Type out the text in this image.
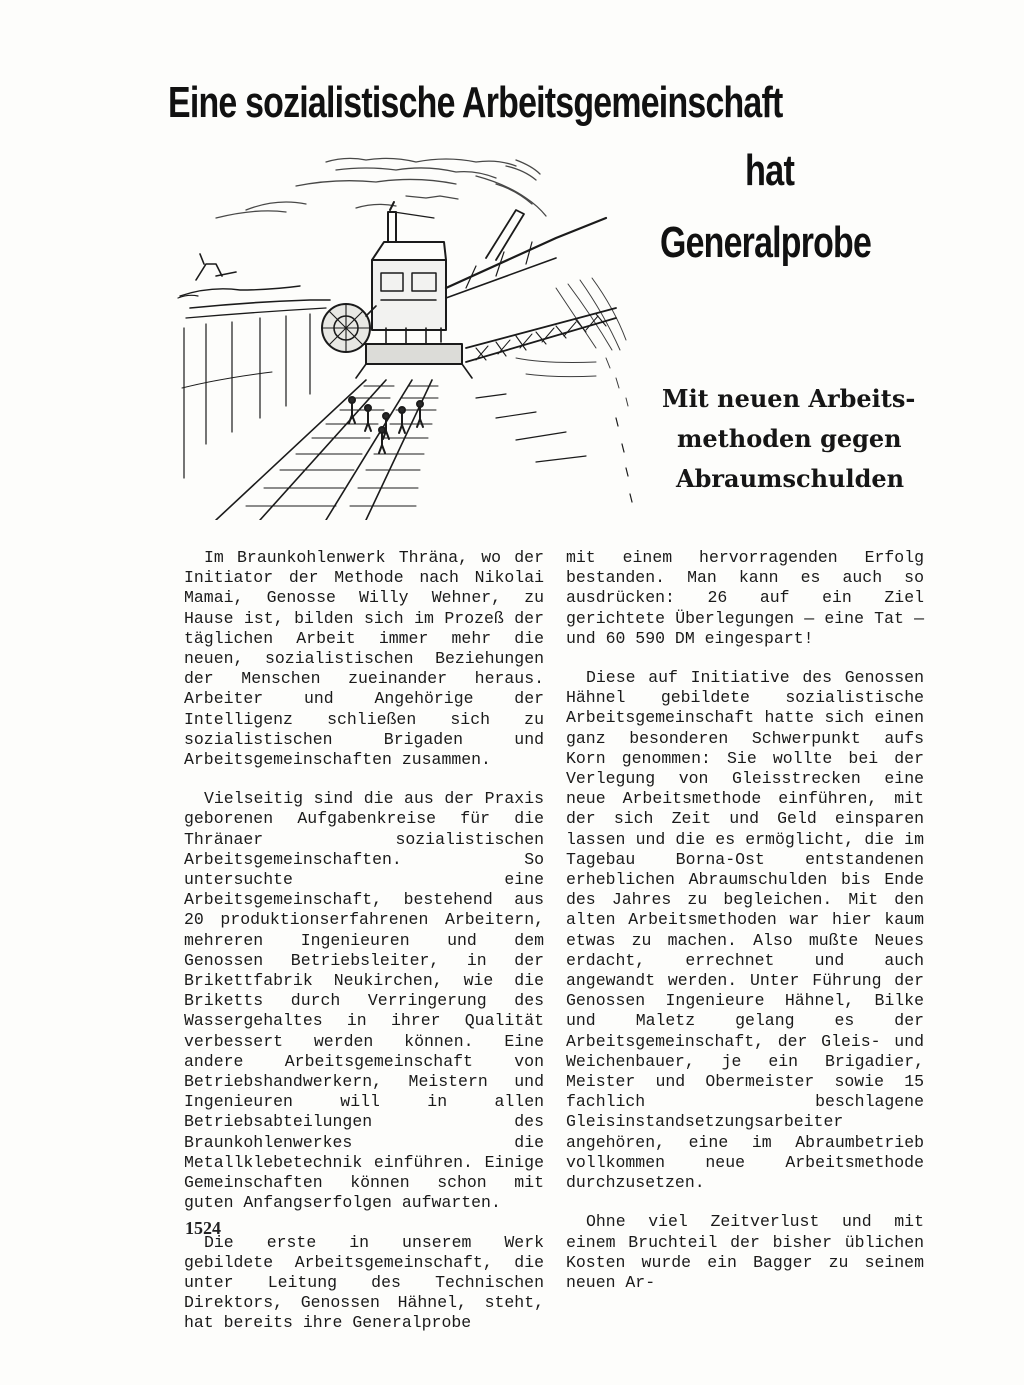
Eine sozialistische Arbeitsgemeinschaft
hat
Generalprobe
Mit neuen Arbeits-
methoden gegen
Abraumschulden

Im Braunkohlenwerk Thräna, wo der Initiator der Methode nach Nikolai Mamai, Genosse Willy Wehner, zu Hause ist, bilden sich im Prozeß der täglichen Arbeit immer mehr die neuen, sozialistischen Beziehungen der Menschen zueinander heraus. Arbeiter und Angehörige der Intelligenz schließen sich zu sozialistischen Brigaden und Arbeitsgemeinschaften zusammen.

Vielseitig sind die aus der Praxis geborenen Aufgabenkreise für die Thränaer sozialistischen Arbeitsgemeinschaften. So untersuchte eine Arbeitsgemeinschaft, bestehend aus 20 produktionserfahrenen Arbeitern, mehreren Ingenieuren und dem Genossen Betriebsleiter, in der Brikettfabrik Neukirchen, wie die Briketts durch Verringerung des Wassergehaltes in ihrer Qualität verbessert werden können. Eine andere Arbeitsgemeinschaft von Betriebshandwerkern, Meistern und Ingenieuren will in allen Betriebsabteilungen des Braunkohlenwerkes die Metallklebetechnik einführen. Einige Gemeinschaften können schon mit guten Anfangserfolgen aufwarten.

Die erste in unserem Werk gebildete Arbeitsgemeinschaft, die unter Leitung des Technischen Direktors, Genossen Hähnel, steht, hat bereits ihre Generalprobe

mit einem hervorragenden Erfolg bestanden. Man kann es auch so ausdrücken: 26 auf ein Ziel gerichtete Überlegungen — eine Tat — und 60 590 DM eingespart!

Diese auf Initiative des Genossen Hähnel gebildete sozialistische Arbeitsgemeinschaft hatte sich einen ganz besonderen Schwerpunkt aufs Korn genommen: Sie wollte bei der Verlegung von Gleisstrecken eine neue Arbeitsmethode einführen, mit der sich Zeit und Geld einsparen lassen und die es ermöglicht, die im Tagebau Borna-Ost entstandenen erheblichen Abraumschulden bis Ende des Jahres zu begleichen. Mit den alten Arbeitsmethoden war hier kaum etwas zu machen. Also mußte Neues erdacht, errechnet und auch angewandt werden. Unter Führung der Genossen Ingenieure Hähnel, Bilke und Maletz gelang es der Arbeitsgemeinschaft, der Gleis- und Weichenbauer, je ein Brigadier, Meister und Obermeister sowie 15 fachlich beschlagene Gleisinstandsetzungsarbeiter angehören, eine im Abraumbetrieb vollkommen neue Arbeitsmethode durchzusetzen.

Ohne viel Zeitverlust und mit einem Bruchteil der bisher üblichen Kosten wurde ein Bagger zu seinem neuen Ar-

1524
